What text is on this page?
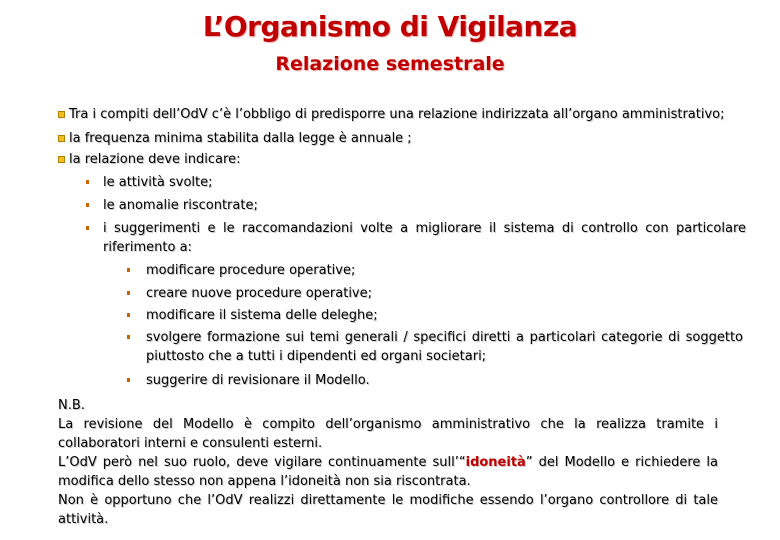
L’Organismo di Vigilanza
Relazione semestrale
Tra i compiti dell’OdV c’è l’obbligo di predisporre una relazione indirizzata all’organo amministrativo;
la frequenza minima stabilita dalla legge è annuale ;
la relazione deve indicare:
le attività svolte;
le anomalie riscontrate;
i suggerimenti e le raccomandazioni volte a migliorare il sistema di controllo con particolare riferimento a:
modificare procedure operative;
creare nuove procedure operative;
modificare il sistema delle deleghe;
svolgere formazione sui temi generali / specifici diretti a particolari categorie di soggetto piuttosto che a tutti i dipendenti ed organi societari;
suggerire di revisionare il Modello.

N.B.

La revisione del Modello è compito dell’organismo amministrativo che la realizza tramite i collaboratori interni e consulenti esterni.

L’OdV però nel suo ruolo, deve vigilare continuamente sull’“idoneità” del Modello e richiedere la modifica dello stesso non appena l’idoneità non sia riscontrata.

Non è opportuno che l’OdV realizzi direttamente le modifiche essendo l’organo controllore di tale attività.
